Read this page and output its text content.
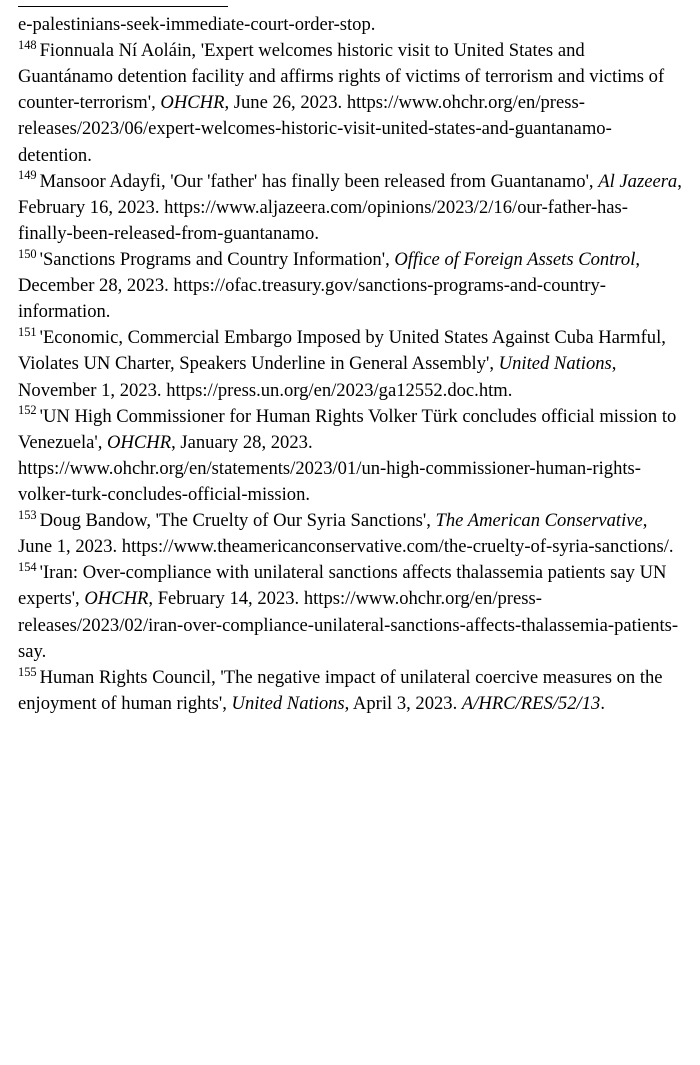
e-palestinians-seek-immediate-court-order-stop.

$^{148}$ Fionnuala Ní Aoláin, 'Expert welcomes historic visit to United States and Guantánamo detention facility and affirms rights of victims of terrorism and victims of counter-terrorism', OHCHR, June 26, 2023. https://www.ohchr.org/en/press-releases/2023/06/expert-welcomes-historic-visit-united-states-and-guantanamo-detention.

$^{149}$ Mansoor Adayfi, 'Our 'father' has finally been released from Guantanamo', Al Jazeera, February 16, 2023. https://www.aljazeera.com/opinions/2023/2/16/our-father-has-finally-been-released-from-guantanamo.

$^{150}$ 'Sanctions Programs and Country Information', Office of Foreign Assets Control, December 28, 2023. https://ofac.treasury.gov/sanctions-programs-and-country-information.

$^{151}$ 'Economic, Commercial Embargo Imposed by United States Against Cuba Harmful, Violates UN Charter, Speakers Underline in General Assembly', United Nations, November 1, 2023. https://press.un.org/en/2023/ga12552.doc.htm.

$^{152}$ 'UN High Commissioner for Human Rights Volker Türk concludes official mission to Venezuela', OHCHR, January 28, 2023. https://www.ohchr.org/en/statements/2023/01/un-high-commissioner-human-rights-volker-turk-concludes-official-mission.

$^{153}$ Doug Bandow, 'The Cruelty of Our Syria Sanctions', The American Conservative, June 1, 2023. https://www.theamericanconservative.com/the-cruelty-of-syria-sanctions/.

$^{154}$ 'Iran: Over-compliance with unilateral sanctions affects thalassemia patients say UN experts', OHCHR, February 14, 2023. https://www.ohchr.org/en/press-releases/2023/02/iran-over-compliance-unilateral-sanctions-affects-thalassemia-patients-say.

$^{155}$ Human Rights Council, 'The negative impact of unilateral coercive measures on the enjoyment of human rights', United Nations, April 3, 2023. A/HRC/RES/52/13.
